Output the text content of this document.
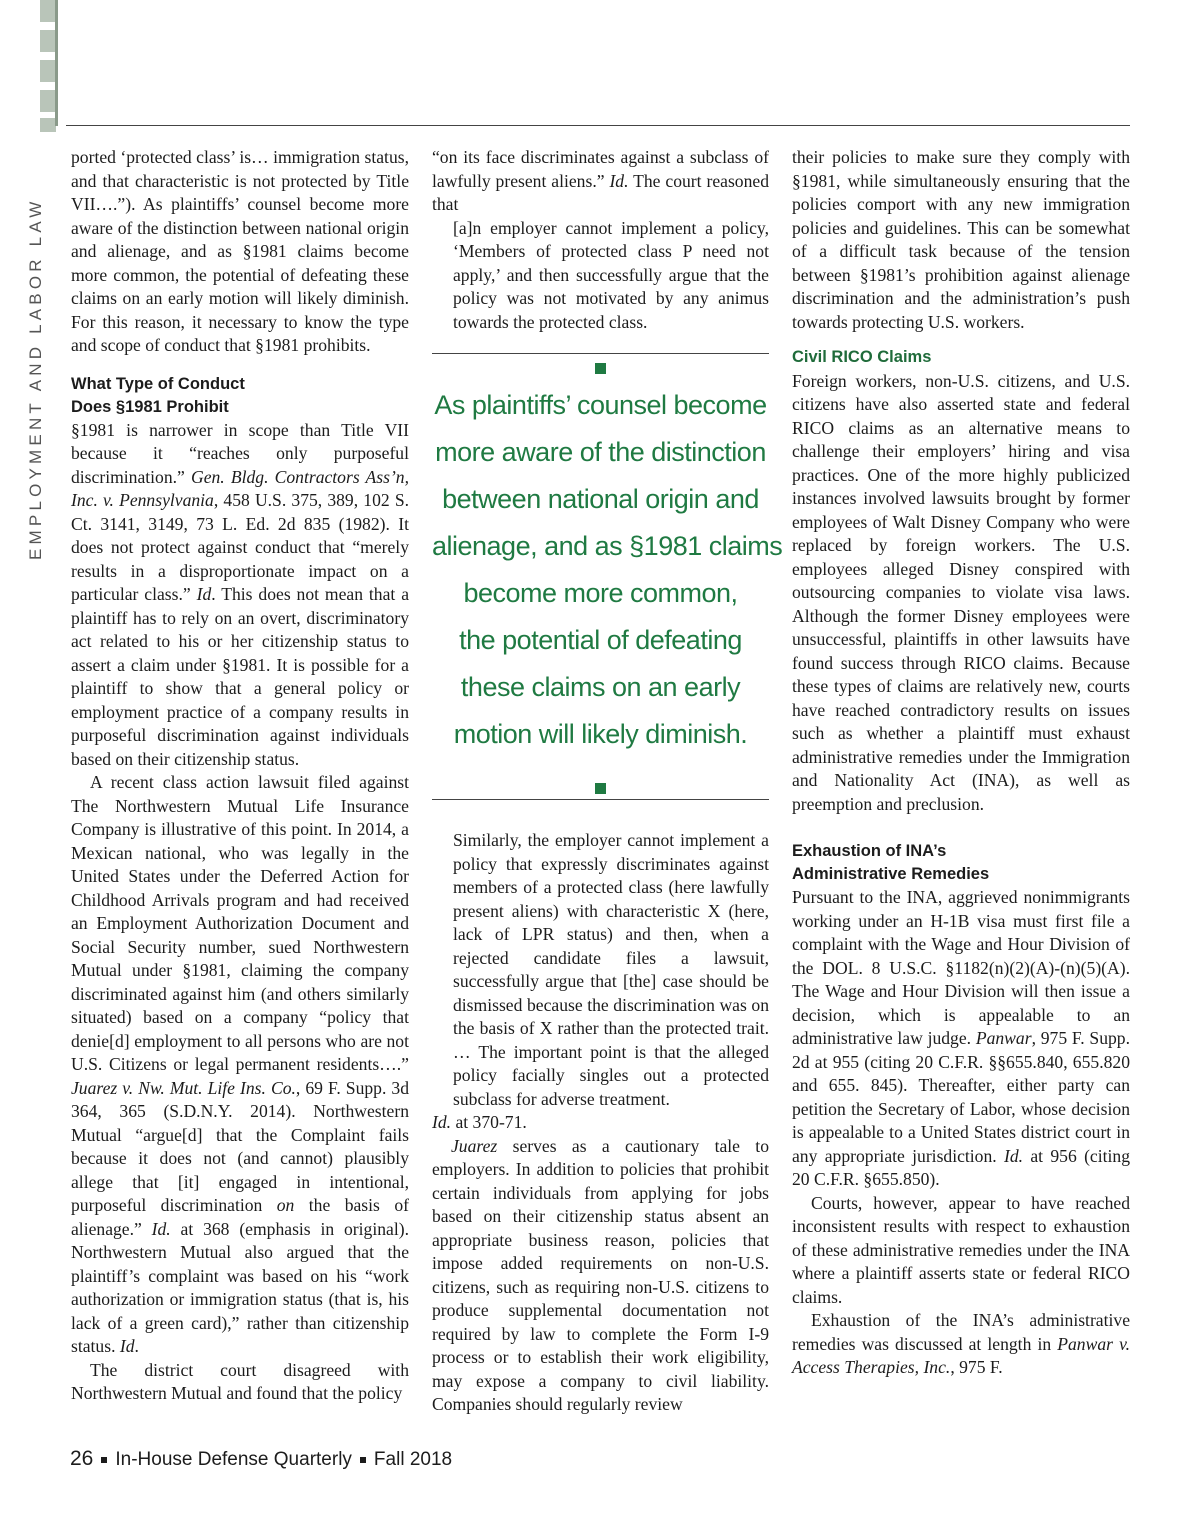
EMPLOYMENT AND LABOR LAW

ported ‘protected class’ is… immigration status, and that characteristic is not protected by Title VII….”). As plaintiffs’ counsel become more aware of the distinction between national origin and alienage, and as §1981 claims become more common, the potential of defeating these claims on an early motion will likely diminish. For this reason, it necessary to know the type and scope of conduct that §1981 prohibits.

What Type of Conduct
Does §1981 Prohibit

§1981 is narrower in scope than Title VII because it “reaches only purposeful discrimination.” Gen. Bldg. Contractors Ass’n, Inc. v. Pennsylvania, 458 U.S. 375, 389, 102 S. Ct. 3141, 3149, 73 L. Ed. 2d 835 (1982). It does not protect against conduct that “merely results in a disproportionate impact on a particular class.” Id. This does not mean that a plaintiff has to rely on an overt, discriminatory act related to his or her citizenship status to assert a claim under §1981. It is possible for a plaintiff to show that a general policy or employment practice of a company results in purposeful discrimination against individuals based on their citizenship status.

A recent class action lawsuit filed against The Northwestern Mutual Life Insurance Company is illustrative of this point. In 2014, a Mexican national, who was legally in the United States under the Deferred Action for Childhood Arrivals program and had received an Employment Authorization Document and Social Security number, sued Northwestern Mutual under §1981, claiming the company discriminated against him (and others similarly situated) based on a company “policy that denie[d] employment to all persons who are not U.S. Citizens or legal permanent residents….” Juarez v. Nw. Mut. Life Ins. Co., 69 F. Supp. 3d 364, 365 (S.D.N.Y. 2014). Northwestern Mutual “argue[d] that the Complaint fails because it does not (and cannot) plausibly allege that [it] engaged in intentional, purposeful discrimination on the basis of alienage.” Id. at 368 (emphasis in original). Northwestern Mutual also argued that the plaintiff’s complaint was based on his “work authorization or immigration status (that is, his lack of a green card),” rather than citizenship status. Id.

The district court disagreed with Northwestern Mutual and found that the policy

“on its face discriminates against a subclass of lawfully present aliens.” Id. The court reasoned that

[a]n employer cannot implement a policy, ‘Members of protected class P need not apply,’ and then successfully argue that the policy was not motivated by any animus towards the protected class.

As plaintiffs’ counsel become
more aware of the distinction
between national origin and
alienage, and as §1981 claims
become more common,
the potential of defeating
these claims on an early
motion will likely diminish.

Similarly, the employer cannot implement a policy that expressly discriminates against members of a protected class (here lawfully present aliens) with characteristic X (here, lack of LPR status) and then, when a rejected candidate files a lawsuit, successfully argue that [the] case should be dismissed because the discrimination was on the basis of X rather than the protected trait. … The important point is that the alleged policy facially singles out a protected subclass for adverse treatment.

Id. at 370-71.

Juarez serves as a cautionary tale to employers. In addition to policies that prohibit certain individuals from applying for jobs based on their citizenship status absent an appropriate business reason, policies that impose added requirements on non-U.S. citizens, such as requiring non-U.S. citizens to produce supplemental documentation not required by law to complete the Form I-9 process or to establish their work eligibility, may expose a company to civil liability. Companies should regularly review

their policies to make sure they comply with §1981, while simultaneously ensuring that the policies comport with any new immigration policies and guidelines. This can be somewhat of a difficult task because of the tension between §1981’s prohibition against alienage discrimination and the administration’s push towards protecting U.S. workers.

Civil RICO Claims

Foreign workers, non-U.S. citizens, and U.S. citizens have also asserted state and federal RICO claims as an alternative means to challenge their employers’ hiring and visa practices. One of the more highly publicized instances involved lawsuits brought by former employees of Walt Disney Company who were replaced by foreign workers. The U.S. employees alleged Disney conspired with outsourcing companies to violate visa laws. Although the former Disney employees were unsuccessful, plaintiffs in other lawsuits have found success through RICO claims. Because these types of claims are relatively new, courts have reached contradictory results on issues such as whether a plaintiff must exhaust administrative remedies under the Immigration and Nationality Act (INA), as well as preemption and preclusion.

Exhaustion of INA’s
Administrative Remedies

Pursuant to the INA, aggrieved nonimmigrants working under an H-1B visa must first file a complaint with the Wage and Hour Division of the DOL. 8 U.S.C. §1182(n)(2)(A)-(n)(5)(A). The Wage and Hour Division will then issue a decision, which is appealable to an administrative law judge. Panwar, 975 F. Supp. 2d at 955 (citing 20 C.F.R. §§655.840, 655.820 and 655. 845). Thereafter, either party can petition the Secretary of Labor, whose decision is appealable to a United States district court in any appropriate jurisdiction. Id. at 956 (citing 20 C.F.R. §655.850).

Courts, however, appear to have reached inconsistent results with respect to exhaustion of these administrative remedies under the INA where a plaintiff asserts state or federal RICO claims.

Exhaustion of the INA’s administrative remedies was discussed at length in Panwar v. Access Therapies, Inc., 975 F.

26 In-House Defense Quarterly Fall 2018
